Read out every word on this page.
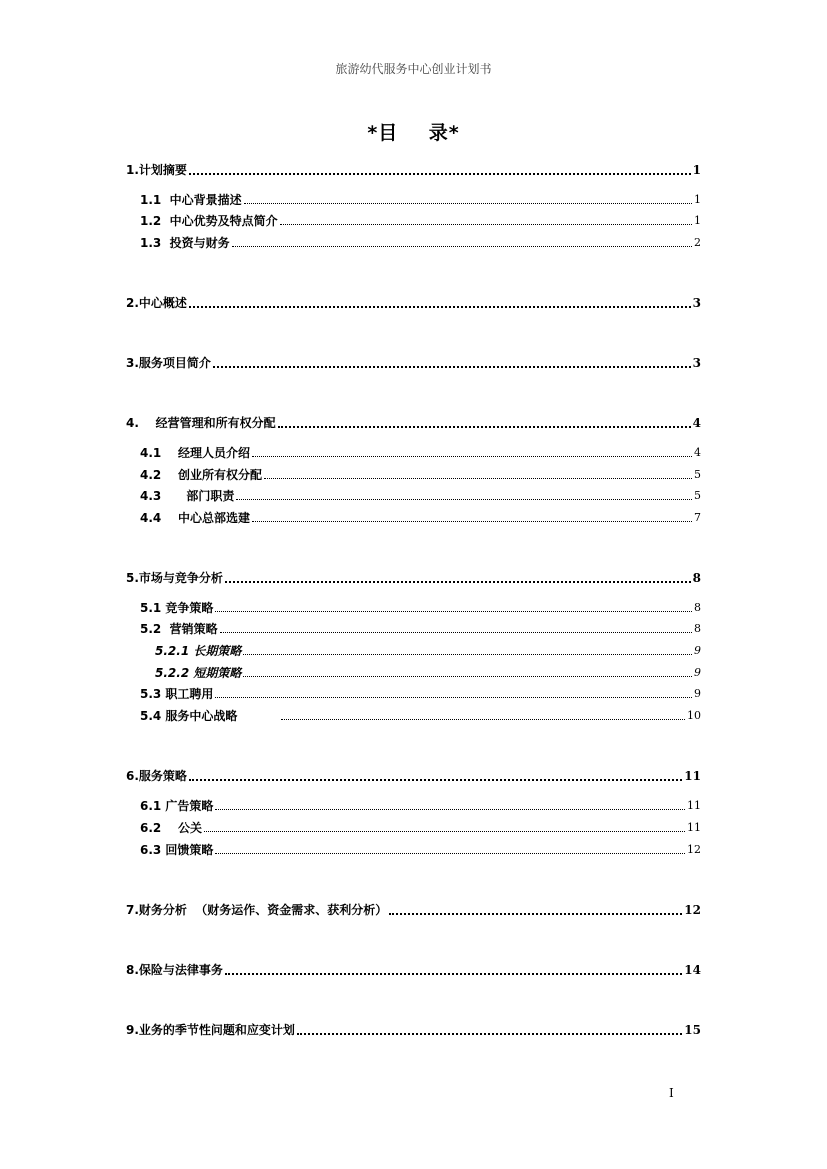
旅游幼代服务中心创业计划书
*目    录*
1.计划摘要	1
1.1  中心背景描述	1
1.2  中心优势及特点简介	1
1.3  投资与财务	2
2.中心概述	3
3.服务项目简介	3
4.    经营管理和所有权分配	4
4.1    经理人员介绍	4
4.2    创业所有权分配	5
4.3      部门职责	5
4.4    中心总部选建	7
5.市场与竞争分析	8
5.1 竞争策略	8
5.2  营销策略	8
5.2.1 长期策略	9
5.2.2 短期策略	9
5.3 职工聘用	9
5.4 服务中心战略	10
6.服务策略	11
6.1 广告策略	11
6.2    公关	11
6.3 回馈策略	12
7.财务分析  （财务运作、资金需求、获利分析）	12
8.保险与法律事务	14
9.业务的季节性问题和应变计划	15
I
